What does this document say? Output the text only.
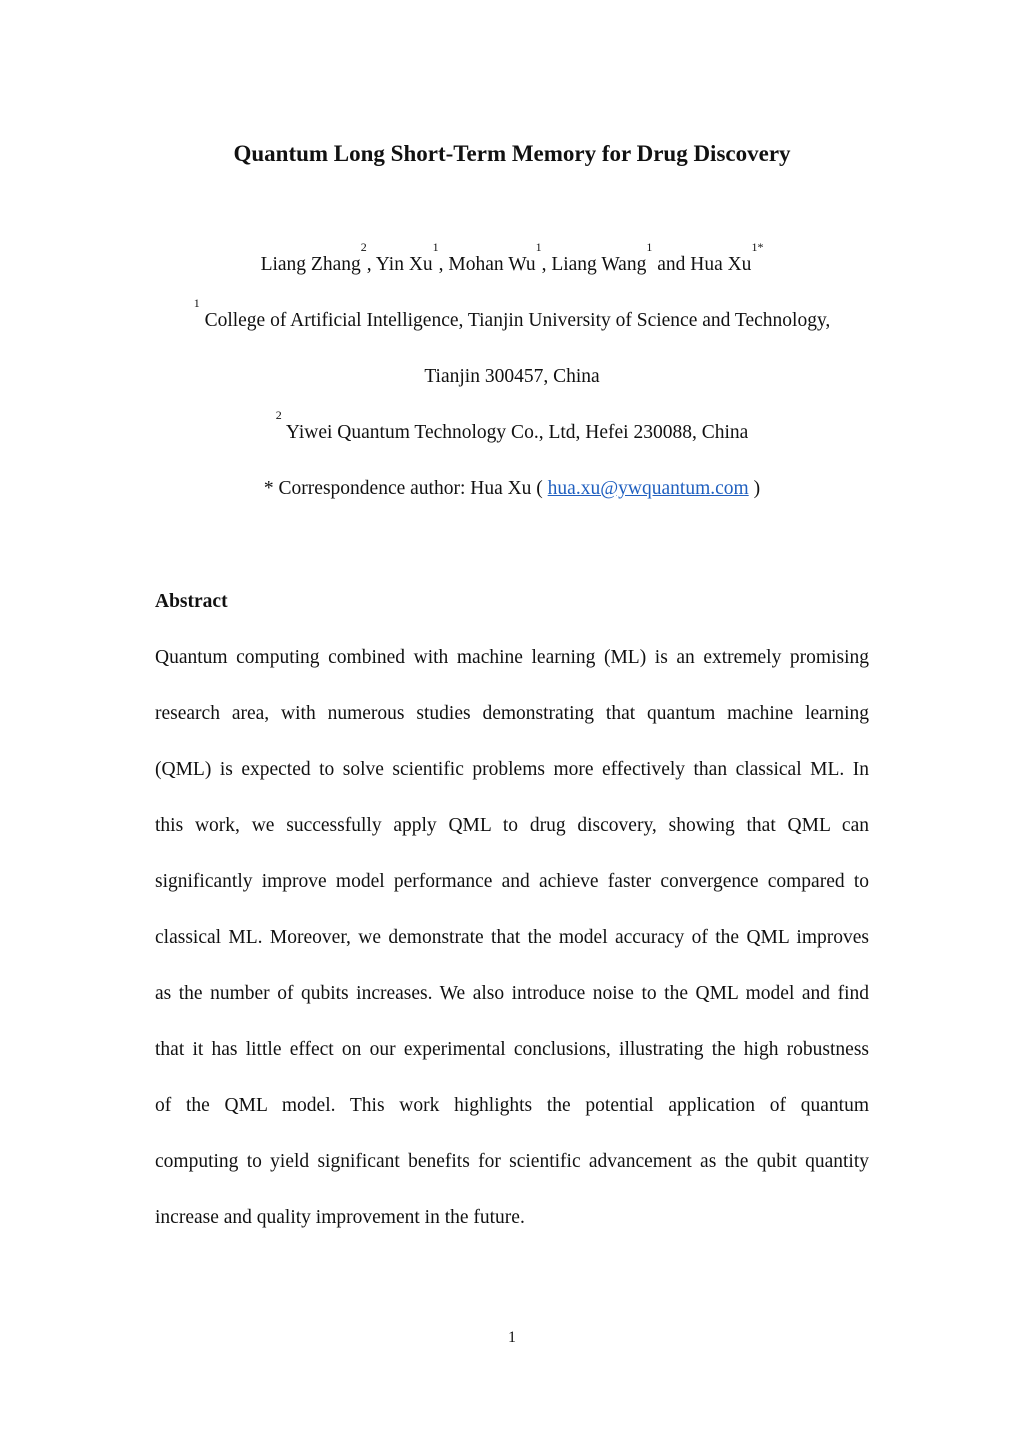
Quantum Long Short-Term Memory for Drug Discovery
Liang Zhang$^2$, Yin Xu$^1$, Mohan Wu$^1$, Liang Wang$^1$ and Hua $Xu^{1*}$
$^1$ College of Artificial Intelligence, Tianjin University of Science and Technology,
Tianjin 300457, China
$^2$ Yiwei Quantum Technology Co., Ltd, Hefei 230088, China
* Correspondence author: Hua Xu ( hua.xu@ywquantum.com )
Abstract
Quantum computing combined with machine learning (ML) is an extremely promising
research area, with numerous studies demonstrating that quantum machine learning
(QML) is expected to solve scientific problems more effectively than classical ML. In
this work, we successfully apply QML to drug discovery, showing that QML can
significantly improve model performance and achieve faster convergence compared to
classical ML. Moreover, we demonstrate that the model accuracy of the QML improves
as the number of qubits increases. We also introduce noise to the QML model and find
that it has little effect on our experimental conclusions, illustrating the high robustness
of the QML model. This work highlights the potential application of quantum
computing to yield significant benefits for scientific advancement as the qubit quantity
increase and quality improvement in the future.
1
